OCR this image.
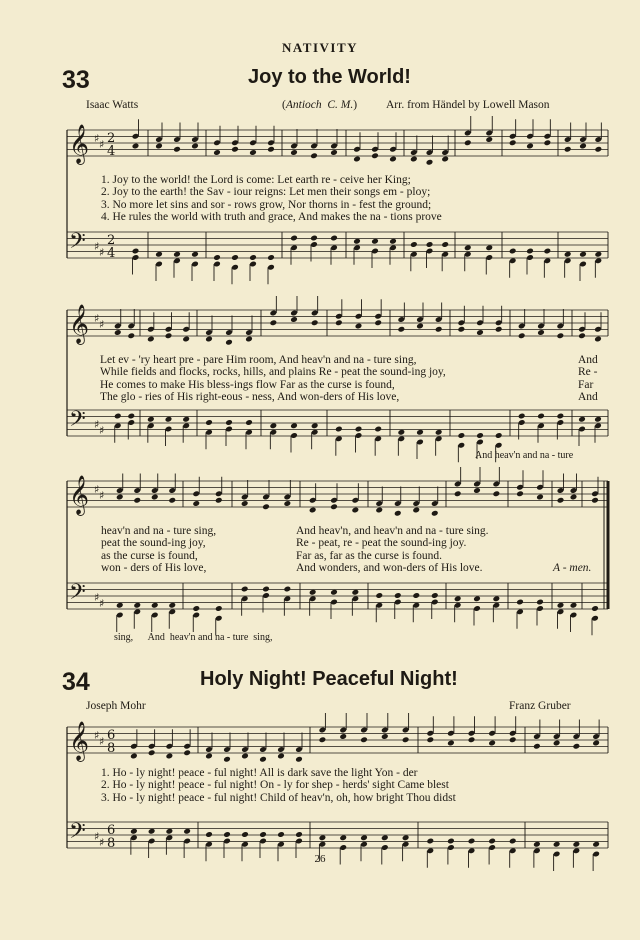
NATIVITY
33	Joy to the World!
Isaac Watts	(Antioch C. M.)	Arr. from Händel by Lowell Mason
34	Holy Night! Peaceful Night!
Joseph Mohr	Franz Gruber
𝄞
𝄢
♯ ♯
♯ ♯
2
4
2
4
𝄞
𝄢
♯ ♯
♯ ♯
𝄞
𝄢
♯ ♯
♯ ♯
𝄞
𝄢
♯ ♯
♯ ♯
6
8
6
8
1. Joy to the world! the Lord is come: Let earth re - ceive her King;
2. Joy to the earth! the Sav - iour reigns: Let men their songs em - ploy;
3. No more let sins and sor - rows grow, Nor thorns in - fest the ground;
4. He rules the world with truth and grace, And makes the na - tions prove
Let ev - 'ry heart pre - pare Him room, And heav'n and na - ture sing,
While fields and flocks, rocks, hills, and plains Re - peat the sound-ing joy,
He comes to make His bless-ings flow Far as the curse is found,
The glo - ries of His right-eous - ness, And won-ders of His love,
And
Re -
Far
And
And heav'n and na - ture
heav'n and na - ture sing,
peat the sound-ing joy,
as the curse is found,
won - ders of His love,
And heav'n, and heav'n and na - ture sing.
Re - peat, re - peat the sound-ing joy.
Far as, far as the curse is found.
And wonders, and won-ders of His love.	A - men.
sing,      And  heav'n and na - ture  sing,
1. Ho - ly night! peace - ful night! All is dark save the light Yon - der
2. Ho - ly night! peace - ful night! On - ly for shep - herds' sight Came blest
3. Ho - ly night! peace - ful night! Child of heav'n, oh, how bright Thou didst
26
